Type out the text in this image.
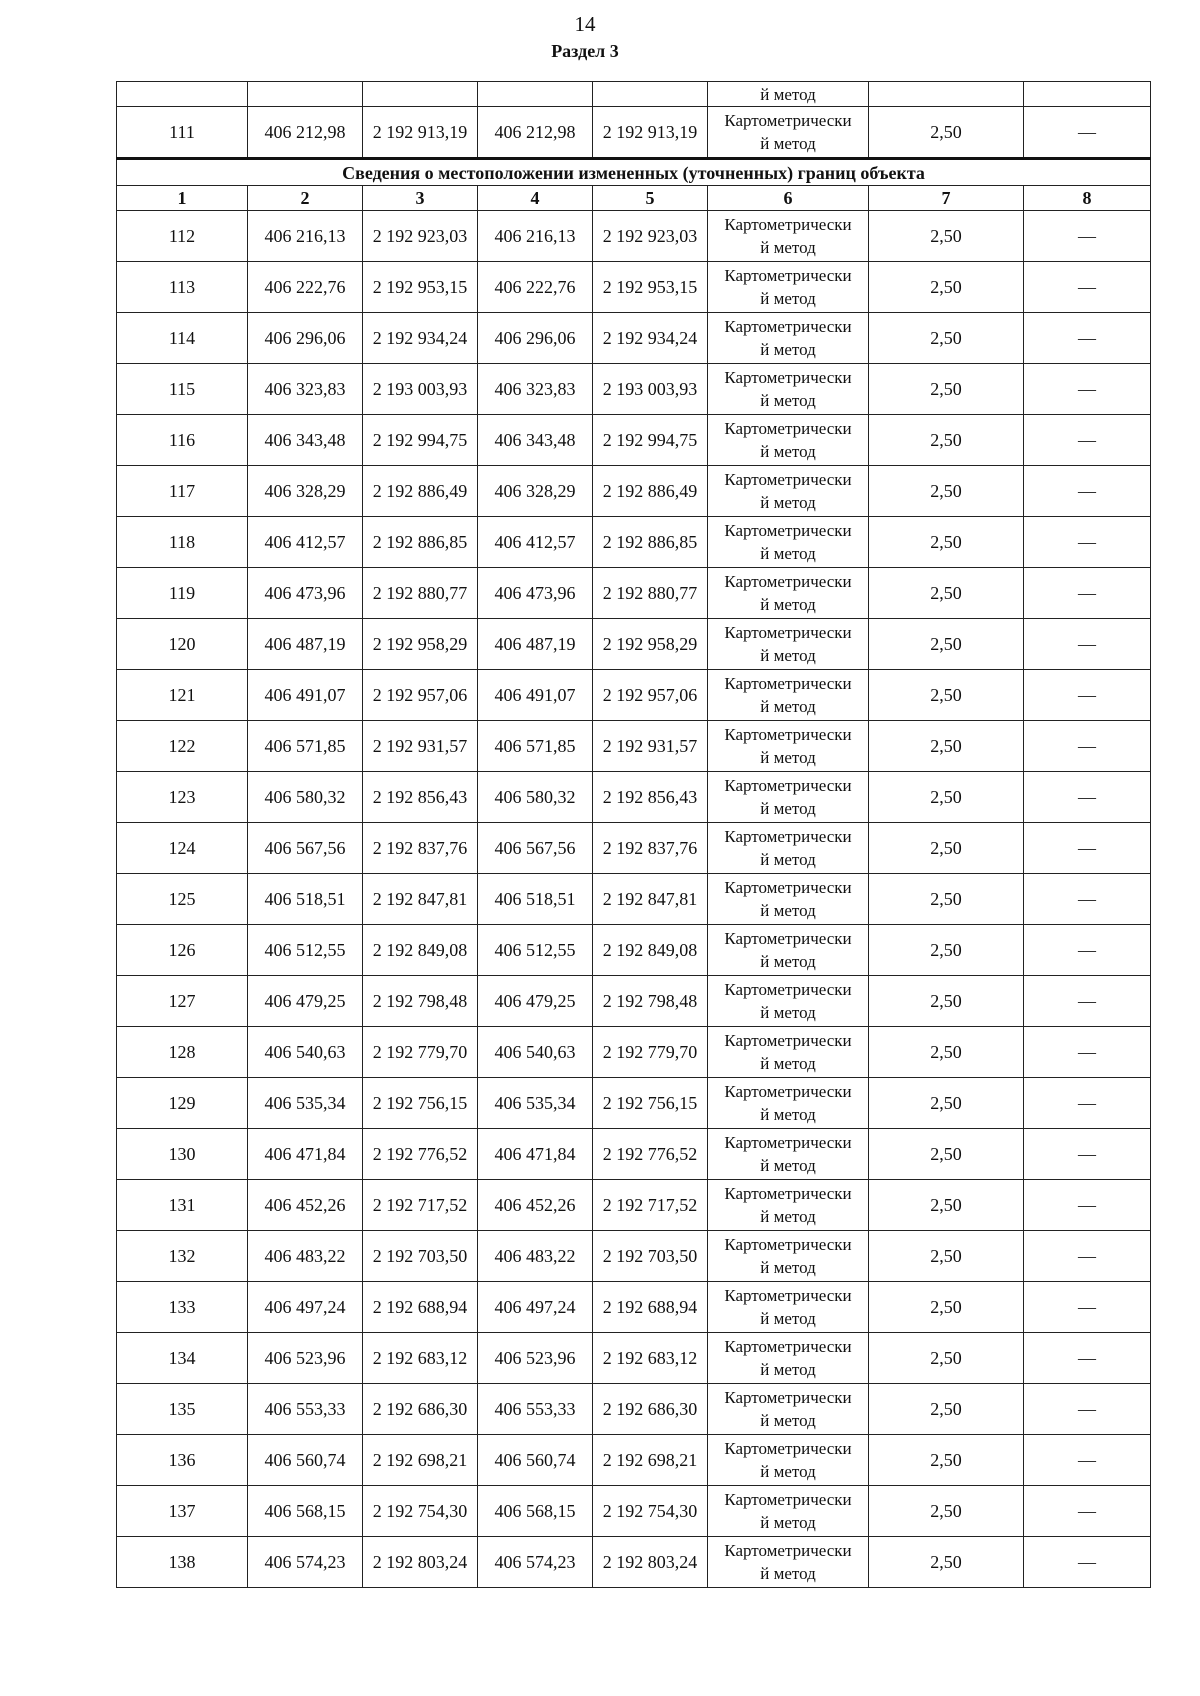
14
Раздел 3
					й метод		
111	406 212,98	2 192 913,19	406 212,98	2 192 913,19	Картометрически
й метод	2,50	—
Сведения о местоположении измененных (уточненных) границ объекта							
1	2	3	4	5	6	7	8
112	406 216,13	2 192 923,03	406 216,13	2 192 923,03	Картометрически
й метод	2,50	—
113	406 222,76	2 192 953,15	406 222,76	2 192 953,15	Картометрически
й метод	2,50	—
114	406 296,06	2 192 934,24	406 296,06	2 192 934,24	Картометрически
й метод	2,50	—
115	406 323,83	2 193 003,93	406 323,83	2 193 003,93	Картометрически
й метод	2,50	—
116	406 343,48	2 192 994,75	406 343,48	2 192 994,75	Картометрически
й метод	2,50	—
117	406 328,29	2 192 886,49	406 328,29	2 192 886,49	Картометрически
й метод	2,50	—
118	406 412,57	2 192 886,85	406 412,57	2 192 886,85	Картометрически
й метод	2,50	—
119	406 473,96	2 192 880,77	406 473,96	2 192 880,77	Картометрически
й метод	2,50	—
120	406 487,19	2 192 958,29	406 487,19	2 192 958,29	Картометрически
й метод	2,50	—
121	406 491,07	2 192 957,06	406 491,07	2 192 957,06	Картометрически
й метод	2,50	—
122	406 571,85	2 192 931,57	406 571,85	2 192 931,57	Картометрически
й метод	2,50	—
123	406 580,32	2 192 856,43	406 580,32	2 192 856,43	Картометрически
й метод	2,50	—
124	406 567,56	2 192 837,76	406 567,56	2 192 837,76	Картометрически
й метод	2,50	—
125	406 518,51	2 192 847,81	406 518,51	2 192 847,81	Картометрически
й метод	2,50	—
126	406 512,55	2 192 849,08	406 512,55	2 192 849,08	Картометрически
й метод	2,50	—
127	406 479,25	2 192 798,48	406 479,25	2 192 798,48	Картометрически
й метод	2,50	—
128	406 540,63	2 192 779,70	406 540,63	2 192 779,70	Картометрически
й метод	2,50	—
129	406 535,34	2 192 756,15	406 535,34	2 192 756,15	Картометрически
й метод	2,50	—
130	406 471,84	2 192 776,52	406 471,84	2 192 776,52	Картометрически
й метод	2,50	—
131	406 452,26	2 192 717,52	406 452,26	2 192 717,52	Картометрически
й метод	2,50	—
132	406 483,22	2 192 703,50	406 483,22	2 192 703,50	Картометрически
й метод	2,50	—
133	406 497,24	2 192 688,94	406 497,24	2 192 688,94	Картометрически
й метод	2,50	—
134	406 523,96	2 192 683,12	406 523,96	2 192 683,12	Картометрически
й метод	2,50	—
135	406 553,33	2 192 686,30	406 553,33	2 192 686,30	Картометрически
й метод	2,50	—
136	406 560,74	2 192 698,21	406 560,74	2 192 698,21	Картометрически
й метод	2,50	—
137	406 568,15	2 192 754,30	406 568,15	2 192 754,30	Картометрически
й метод	2,50	—
138	406 574,23	2 192 803,24	406 574,23	2 192 803,24	Картометрически
й метод	2,50	—
